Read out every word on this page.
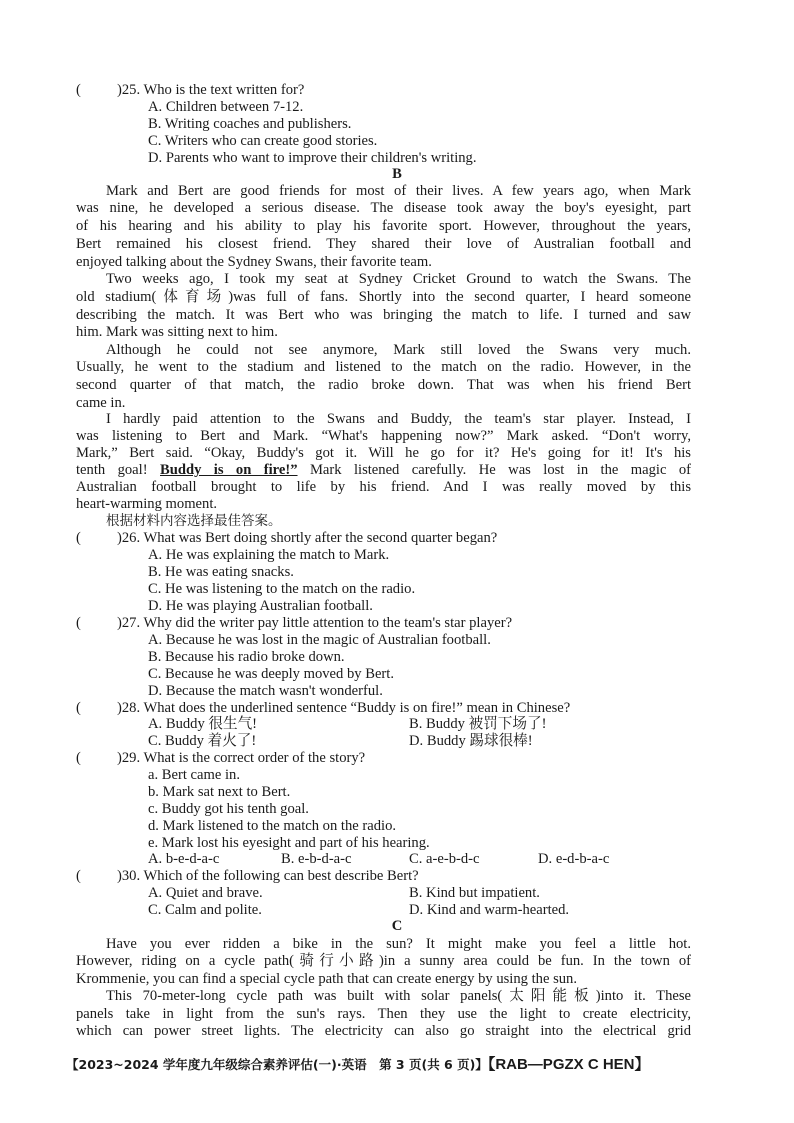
( )25. Who is the text written for?
A. Children between 7-12.
B. Writing coaches and publishers.
C. Writers who can create good stories.
D. Parents who want to improve their children's writing.
B
Mark and Bert are good friends for most of their lives. A few years ago, when Mark
was nine, he developed a serious disease. The disease took away the boy's eyesight, part
of his hearing and his ability to play his favorite sport. However, throughout the years,
Bert remained his closest friend. They shared their love of Australian football and
enjoyed talking about the Sydney Swans, their favorite team.
Two weeks ago, I took my seat at Sydney Cricket Ground to watch the Swans. The
old stadium(体育场)was full of fans. Shortly into the second quarter, I heard someone
describing the match. It was Bert who was bringing the match to life. I turned and saw
him. Mark was sitting next to him.
Although he could not see anymore, Mark still loved the Swans very much.
Usually, he went to the stadium and listened to the match on the radio. However, in the
second quarter of that match, the radio broke down. That was when his friend Bert
came in.
I hardly paid attention to the Swans and Buddy, the team's star player. Instead, I
was listening to Bert and Mark. “What's happening now?” Mark asked. “Don't worry,
Mark,” Bert said. “Okay, Buddy's got it. Will he go for it? He's going for it! It's his
tenth goal! Buddy is on fire!” Mark listened carefully. He was lost in the magic of
Australian football brought to life by his friend. And I was really moved by this
heart-warming moment.
根据材料内容选择最佳答案。
( )26. What was Bert doing shortly after the second quarter began?
A. He was explaining the match to Mark.
B. He was eating snacks.
C. He was listening to the match on the radio.
D. He was playing Australian football.
( )27. Why did the writer pay little attention to the team's star player?
A. Because he was lost in the magic of Australian football.
B. Because his radio broke down.
C. Because he was deeply moved by Bert.
D. Because the match wasn't wonderful.
( )28. What does the underlined sentence “Buddy is on fire!” mean in Chinese?
A. Buddy 很生气!	B. Buddy 被罚下场了!
C. Buddy 着火了!	D. Buddy 踢球很棒!
( )29. What is the correct order of the story?
a. Bert came in.
b. Mark sat next to Bert.
c. Buddy got his tenth goal.
d. Mark listened to the match on the radio.
e. Mark lost his eyesight and part of his hearing.
A. b-e-d-a-c	B. e-b-d-a-c	C. a-e-b-d-c	D. e-d-b-a-c
( )30. Which of the following can best describe Bert?
A. Quiet and brave.	B. Kind but impatient.
C. Calm and polite.	D. Kind and warm-hearted.
C
Have you ever ridden a bike in the sun? It might make you feel a little hot.
However, riding on a cycle path(骑行小路)in a sunny area could be fun. In the town of
Krommenie, you can find a special cycle path that can create energy by using the sun.
This 70-meter-long cycle path was built with solar panels(太阳能板)into it. These
panels take in light from the sun's rays. Then they use the light to create electricity,
which can power street lights. The electricity can also go straight into the electrical grid
【2023~2024 学年度九年级综合素养评估(一)·英语　第 3 页(共 6 页)】【RAB—PGZX C HEN】
